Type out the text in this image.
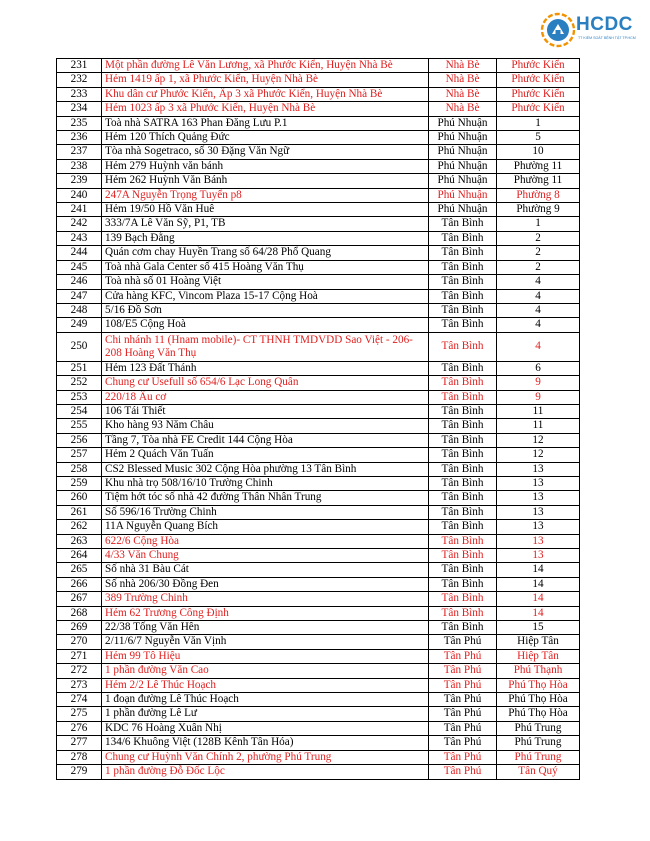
HCDC
TT KIỂM SOÁT BỆNH TẬT TP.HCM
231	Một phần đường Lê Văn Lương, xã Phước Kiển, Huyện Nhà Bè	Nhà Bè	Phước Kiển
232	Hẻm 1419 ấp 1, xã Phước Kiển, Huyện Nhà Bè	Nhà Bè	Phước Kiển
233	Khu dân cư Phước Kiển, Ấp 3 xã Phước Kiển, Huyện Nhà Bè	Nhà Bè	Phước Kiển
234	Hẻm 1023 ấp 3 xã Phước Kiển, Huyện Nhà Bè	Nhà Bè	Phước Kiển
235	Toà nhà SATRA 163 Phan Đăng Lưu P.1	Phú Nhuận	1
236	Hẻm 120 Thích Quảng Đức	Phú Nhuận	5
237	Tòa nhà Sogetraco, số 30 Đặng Văn Ngữ	Phú Nhuận	10
238	Hẻm 279 Huỳnh văn bánh	Phú Nhuận	Phường 11
239	Hẻm 262 Huỳnh Văn Bánh	Phú Nhuận	Phường 11
240	247A Nguyễn Trọng Tuyển p8	Phú Nhuận	Phường 8
241	Hẻm 19/50 Hồ Văn Huê	Phú Nhuận	Phường 9
242	333/7A Lê Văn Sỹ, P1, TB	Tân Bình	1
243	139 Bạch Đằng	Tân Bình	2
244	Quán cơm chay Huyền Trang số 64/28 Phổ Quang	Tân Bình	2
245	Toà nhà Gala Center số 415 Hoàng Văn Thụ	Tân Bình	2
246	Toà nhà số 01 Hoàng Việt	Tân Bình	4
247	Cửa hàng KFC, Vincom Plaza 15-17 Cộng Hoà	Tân Bình	4
248	5/16 Đồ Sơn	Tân Bình	4
249	108/E5 Cộng Hoà	Tân Bình	4
250	Chi nhánh 11 (Hnam mobile)- CT THNH TMDVDD Sao Việt - 206-208 Hoàng Văn Thụ	Tân Bình	4
251	Hẻm 123 Đất Thánh	Tân Bình	6
252	Chung cư Usefull số 654/6 Lạc Long Quân	Tân Bình	9
253	220/18 Âu cơ	Tân Bình	9
254	106 Tái Thiết	Tân Bình	11
255	Kho hàng 93 Năm Châu	Tân Bình	11
256	Tầng 7, Tòa nhà FE Credit 144 Cộng Hòa	Tân Bình	12
257	Hẻm 2 Quách Văn Tuấn	Tân Bình	12
258	CS2 Blessed Music 302 Cộng Hòa phường 13 Tân Bình	Tân Bình	13
259	Khu nhà trọ 508/16/10 Trường Chinh	Tân Bình	13
260	Tiệm hớt tóc số nhà 42 đường Thân Nhân Trung	Tân Bình	13
261	Số 596/16 Trường Chinh	Tân Bình	13
262	11A Nguyễn Quang Bích	Tân Bình	13
263	622/6 Cộng Hòa	Tân Bình	13
264	4/33 Văn Chung	Tân Bình	13
265	Số nhà 31 Bàu Cát	Tân Bình	14
266	Số nhà 206/30 Đồng Đen	Tân Bình	14
267	389 Trường Chinh	Tân Bình	14
268	Hẻm 62 Trương Công Định	Tân Bình	14
269	22/38 Tống Văn Hên	Tân Bình	15
270	2/11/6/7 Nguyễn Văn Vịnh	Tân Phú	Hiệp Tân
271	Hẻm 99 Tô Hiệu	Tân Phú	Hiệp Tân
272	1 phần đường Văn Cao	Tân Phú	Phú Thạnh
273	Hẻm 2/2 Lê Thúc Hoạch	Tân Phú	Phú Thọ Hòa
274	1 đoạn đường Lê Thúc Hoạch	Tân Phú	Phú Thọ Hòa
275	1 phần đường Lê Lư	Tân Phú	Phú Thọ Hòa
276	KDC 76 Hoàng Xuân Nhị	Tân Phú	Phú Trung
277	134/6 Khuông Việt (128B Kênh Tân Hóa)	Tân Phú	Phú Trung
278	Chung cư Huỳnh Văn Chính 2, phường Phú Trung	Tân Phú	Phú Trung
279	1 phần đường Đỗ Đốc Lộc	Tân Phú	Tân Quý
